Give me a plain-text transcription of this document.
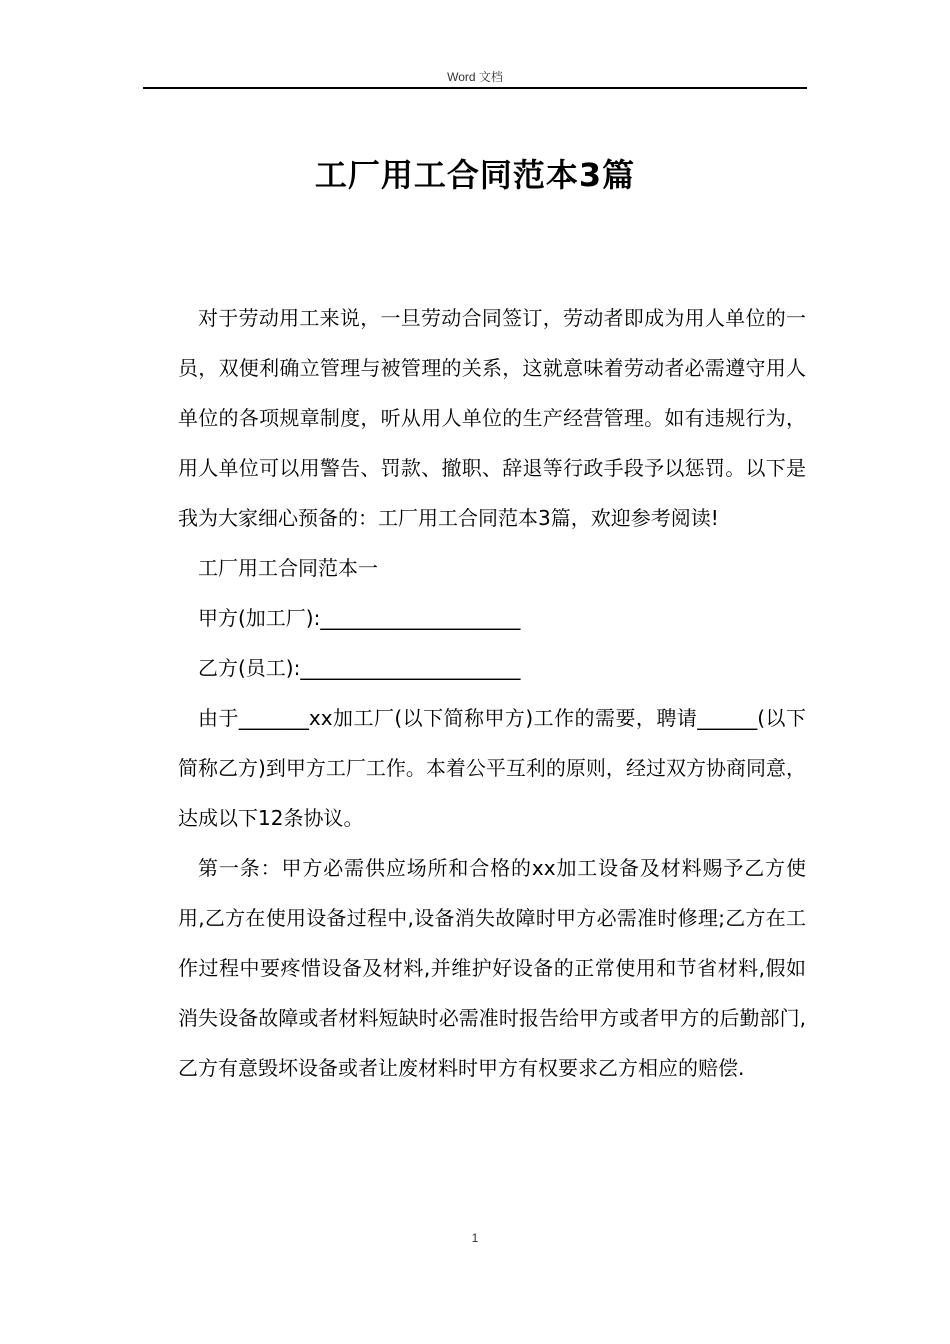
Word 文档
工厂用工合同范本3篇

对于劳动用工来说，一旦劳动合同签订，劳动者即成为用人单位的一员，双便利确立管理与被管理的关系，这就意味着劳动者必需遵守用人单位的各项规章制度，听从用人单位的生产经营管理。如有违规行为，用人单位可以用警告、罚款、撤职、辞退等行政手段予以惩罚。以下是我为大家细心预备的：工厂用工合同范本3篇，欢迎参考阅读!

工厂用工合同范本一

甲方(加工厂):____________________

乙方(员工):______________________

由于_______xx加工厂(以下简称甲方)工作的需要，聘请______(以下简称乙方)到甲方工厂工作。本着公平互利的原则，经过双方协商同意，达成以下12条协议。

第一条：甲方必需供应场所和合格的xx加工设备及材料赐予乙方使用,乙方在使用设备过程中,设备消失故障时甲方必需准时修理;乙方在工作过程中要疼惜设备及材料,并维护好设备的正常使用和节省材料,假如消失设备故障或者材料短缺时必需准时报告给甲方或者甲方的后勤部门,乙方有意毁坏设备或者让废材料时甲方有权要求乙方相应的赔偿.

1
